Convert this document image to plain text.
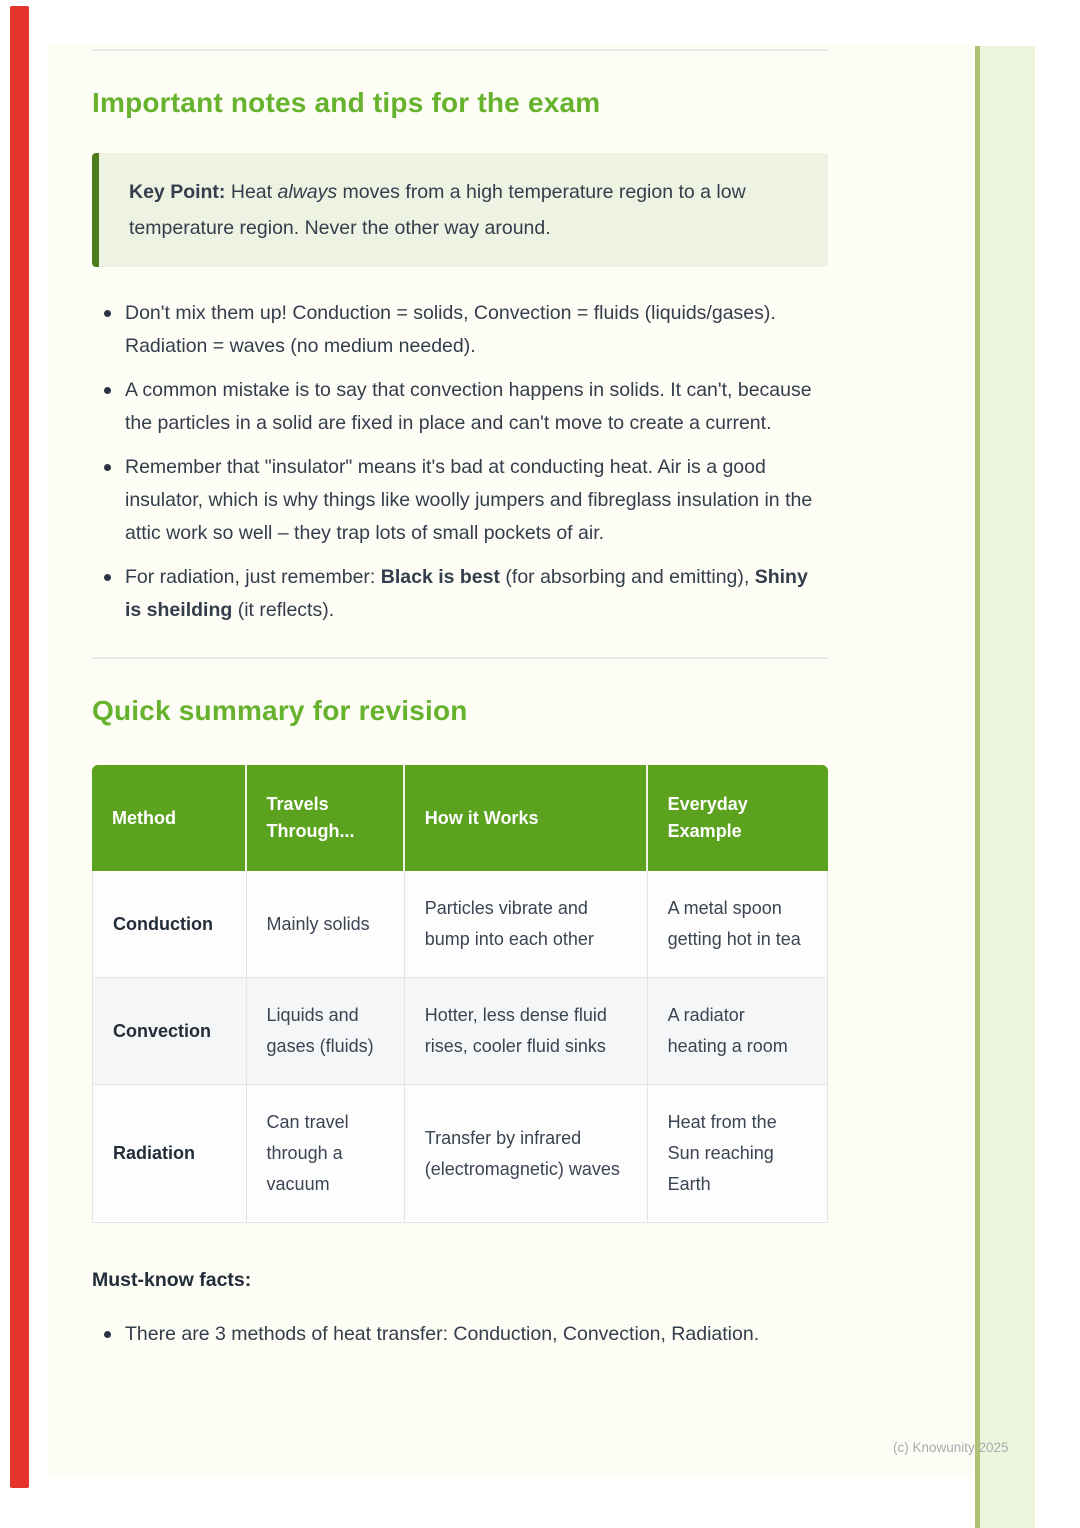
Important notes and tips for the exam
Key Point: Heat always moves from a high temperature region to a low temperature region. Never the other way around.
Don't mix them up! Conduction = solids, Convection = fluids (liquids/gases). Radiation = waves (no medium needed).
A common mistake is to say that convection happens in solids. It can't, because the particles in a solid are fixed in place and can't move to create a current.
Remember that "insulator" means it's bad at conducting heat. Air is a good insulator, which is why things like woolly jumpers and fibreglass insulation in the attic work so well – they trap lots of small pockets of air.
For radiation, just remember: Black is best (for absorbing and emitting), Shiny is sheilding (it reflects).
Quick summary for revision
Method	Travels Through...	How it Works	Everyday Example
Conduction	Mainly solids	Particles vibrate and bump into each other	A metal spoon getting hot in tea
Convection	Liquids and gases (fluids)	Hotter, less dense fluid rises, cooler fluid sinks	A radiator heating a room
Radiation	Can travel through a vacuum	Transfer by infrared (electromagnetic) waves	Heat from the Sun reaching Earth
Must-know facts:
There are 3 methods of heat transfer: Conduction, Convection, Radiation.
(c) Knowunity 2025
